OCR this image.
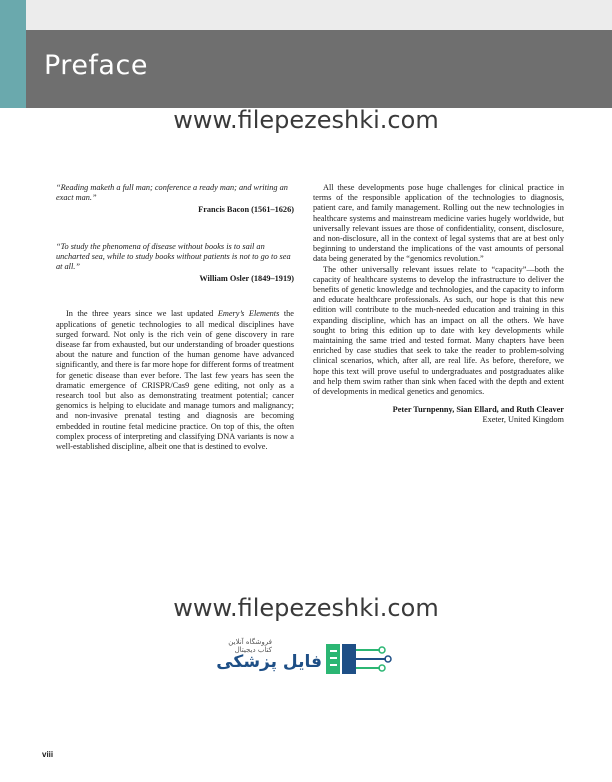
Preface
www.filepezeshki.com

“Reading maketh a full man; conference a ready man; and writing an exact man.”

Francis Bacon (1561–1626)

“To study the phenomena of disease without books is to sail an uncharted sea, while to study books without patients is not to go to sea at all.”

William Osler (1849–1919)

In the three years since we last updated Emery’s Elements the applications of genetic technologies to all medical disciplines have surged forward. Not only is the rich vein of gene discovery in rare disease far from exhausted, but our understanding of broader questions about the nature and function of the human genome have advanced significantly, and there is far more hope for different forms of treatment for genetic disease than ever before. The last few years has seen the dramatic emergence of CRISPR/Cas9 gene editing, not only as a research tool but also as demonstrating treatment potential; cancer genomics is helping to elucidate and manage tumors and malignancy; and non-invasive prenatal testing and diagnosis are becoming embedded in routine fetal medicine practice. On top of this, the often complex process of interpreting and classifying DNA variants is now a well-established discipline, albeit one that is destined to evolve.

All these developments pose huge challenges for clinical practice in terms of the responsible application of the technologies to diagnosis, patient care, and family management. Rolling out the new technologies in healthcare systems and mainstream medicine varies hugely worldwide, but universally relevant issues are those of confidentiality, consent, disclosure, and non-disclosure, all in the context of legal systems that are at best only beginning to understand the implications of the vast amounts of personal data being generated by the “genomics revolution.”

The other universally relevant issues relate to “capacity”—both the capacity of healthcare systems to develop the infrastructure to deliver the benefits of genetic knowledge and technologies, and the capacity to inform and educate healthcare professionals. As such, our hope is that this new edition will contribute to the much-needed education and training in this expanding discipline, which has an impact on all the others. We have sought to bring this edition up to date with key developments while maintaining the same tried and tested format. Many chapters have been enriched by case studies that seek to take the reader to problem-solving clinical scenarios, which, after all, are real life. As before, therefore, we hope this text will prove useful to undergraduates and postgraduates alike and help them swim rather than sink when faced with the depth and extent of developments in medical genetics and genomics.

Peter Turnpenny, Sian Ellard, and Ruth Cleaver

Exeter, United Kingdom

www.filepezeshki.com
فروشگاه آنلاین کتاب دیجیتال
فایل پزشکی
viii
